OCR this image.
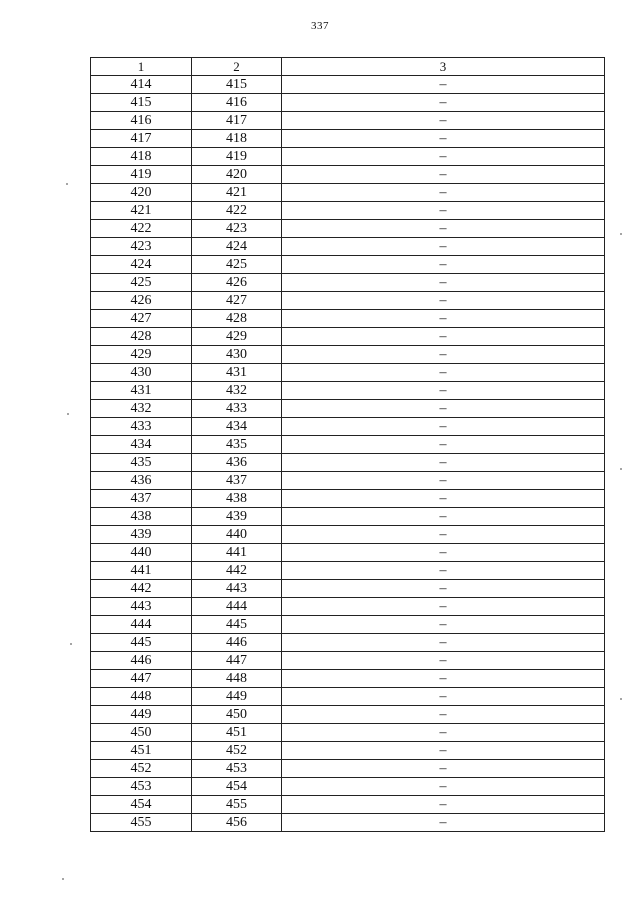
337
1	2	3
414	415	–
415	416	–
416	417	–
417	418	–
418	419	–
419	420	–
420	421	–
421	422	–
422	423	–
423	424	–
424	425	–
425	426	–
426	427	–
427	428	–
428	429	–
429	430	–
430	431	–
431	432	–
432	433	–
433	434	–
434	435	–
435	436	–
436	437	–
437	438	–
438	439	–
439	440	–
440	441	–
441	442	–
442	443	–
443	444	–
444	445	–
445	446	–
446	447	–
447	448	–
448	449	–
449	450	–
450	451	–
451	452	–
452	453	–
453	454	–
454	455	–
455	456	–
